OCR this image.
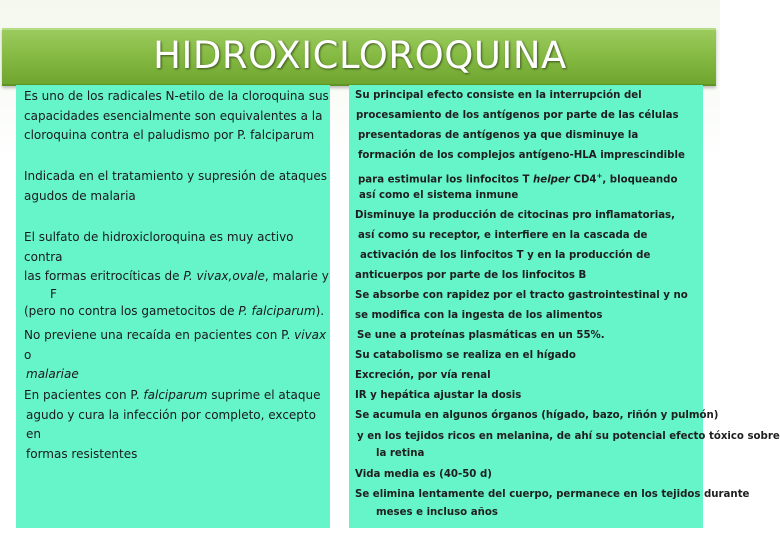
HIDROXICLOROQUINA
Es uno de los radicales N-etilo de la cloroquina sus
capacidades esencialmente son equivalentes a la
cloroquina contra el paludismo por P. falciparum
Indicada en el tratamiento y supresión de ataques
agudos de malaria
El sulfato de hidroxicloroquina es muy activo contra
las formas eritrocíticas de P. vivax,ovale, malarie y
F
(pero no contra los gametocitos de P. falciparum).
No previene una recaída en pacientes con P. vivax o
malariae
En pacientes con P. falciparum suprime el ataque
agudo y cura la infección por completo, excepto en
formas resistentes
Su principal efecto consiste en la interrupción del
procesamiento de los antígenos por parte de las células
presentadoras de antígenos ya que disminuye la
formación de los complejos antígeno-HLA imprescindible
para estimular los linfocitos T helper CD4+, bloqueando
así como el sistema inmune
Disminuye la producción de citocinas pro inflamatorias,
así como su receptor, e interfiere en la cascada de
activación de los linfocitos T y en la producción de
anticuerpos por parte de los linfocitos B
Se absorbe con rapidez por el tracto gastrointestinal y no
se modifica con la ingesta de los alimentos
Se une a proteínas plasmáticas en un 55%.
Su catabolismo se realiza en el hígado
Excreción, por vía renal
IR y hepática ajustar la dosis
Se acumula en algunos órganos (hígado, bazo, riñón y pulmón)
y en los tejidos ricos en melanina, de ahí su potencial efecto tóxico sobre
la retina
Vida media es (40-50 d)
Se elimina lentamente del cuerpo, permanece en los tejidos durante
meses e incluso años
